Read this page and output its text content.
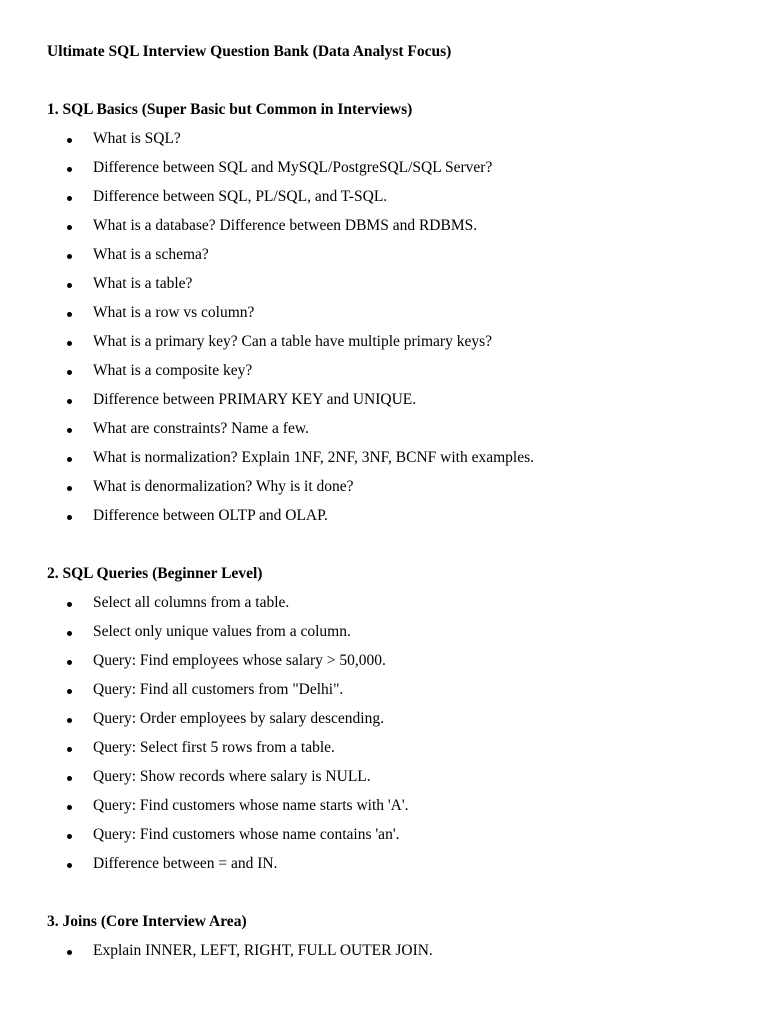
Ultimate SQL Interview Question Bank (Data Analyst Focus)
1. SQL Basics (Super Basic but Common in Interviews)
What is SQL?
Difference between SQL and MySQL/PostgreSQL/SQL Server?
Difference between SQL, PL/SQL, and T-SQL.
What is a database? Difference between DBMS and RDBMS.
What is a schema?
What is a table?
What is a row vs column?
What is a primary key? Can a table have multiple primary keys?
What is a composite key?
Difference between PRIMARY KEY and UNIQUE.
What are constraints? Name a few.
What is normalization? Explain 1NF, 2NF, 3NF, BCNF with examples.
What is denormalization? Why is it done?
Difference between OLTP and OLAP.
2. SQL Queries (Beginner Level)
Select all columns from a table.
Select only unique values from a column.
Query: Find employees whose salary > 50,000.
Query: Find all customers from "Delhi".
Query: Order employees by salary descending.
Query: Select first 5 rows from a table.
Query: Show records where salary is NULL.
Query: Find customers whose name starts with 'A'.
Query: Find customers whose name contains 'an'.
Difference between = and IN.
3. Joins (Core Interview Area)
Explain INNER, LEFT, RIGHT, FULL OUTER JOIN.
